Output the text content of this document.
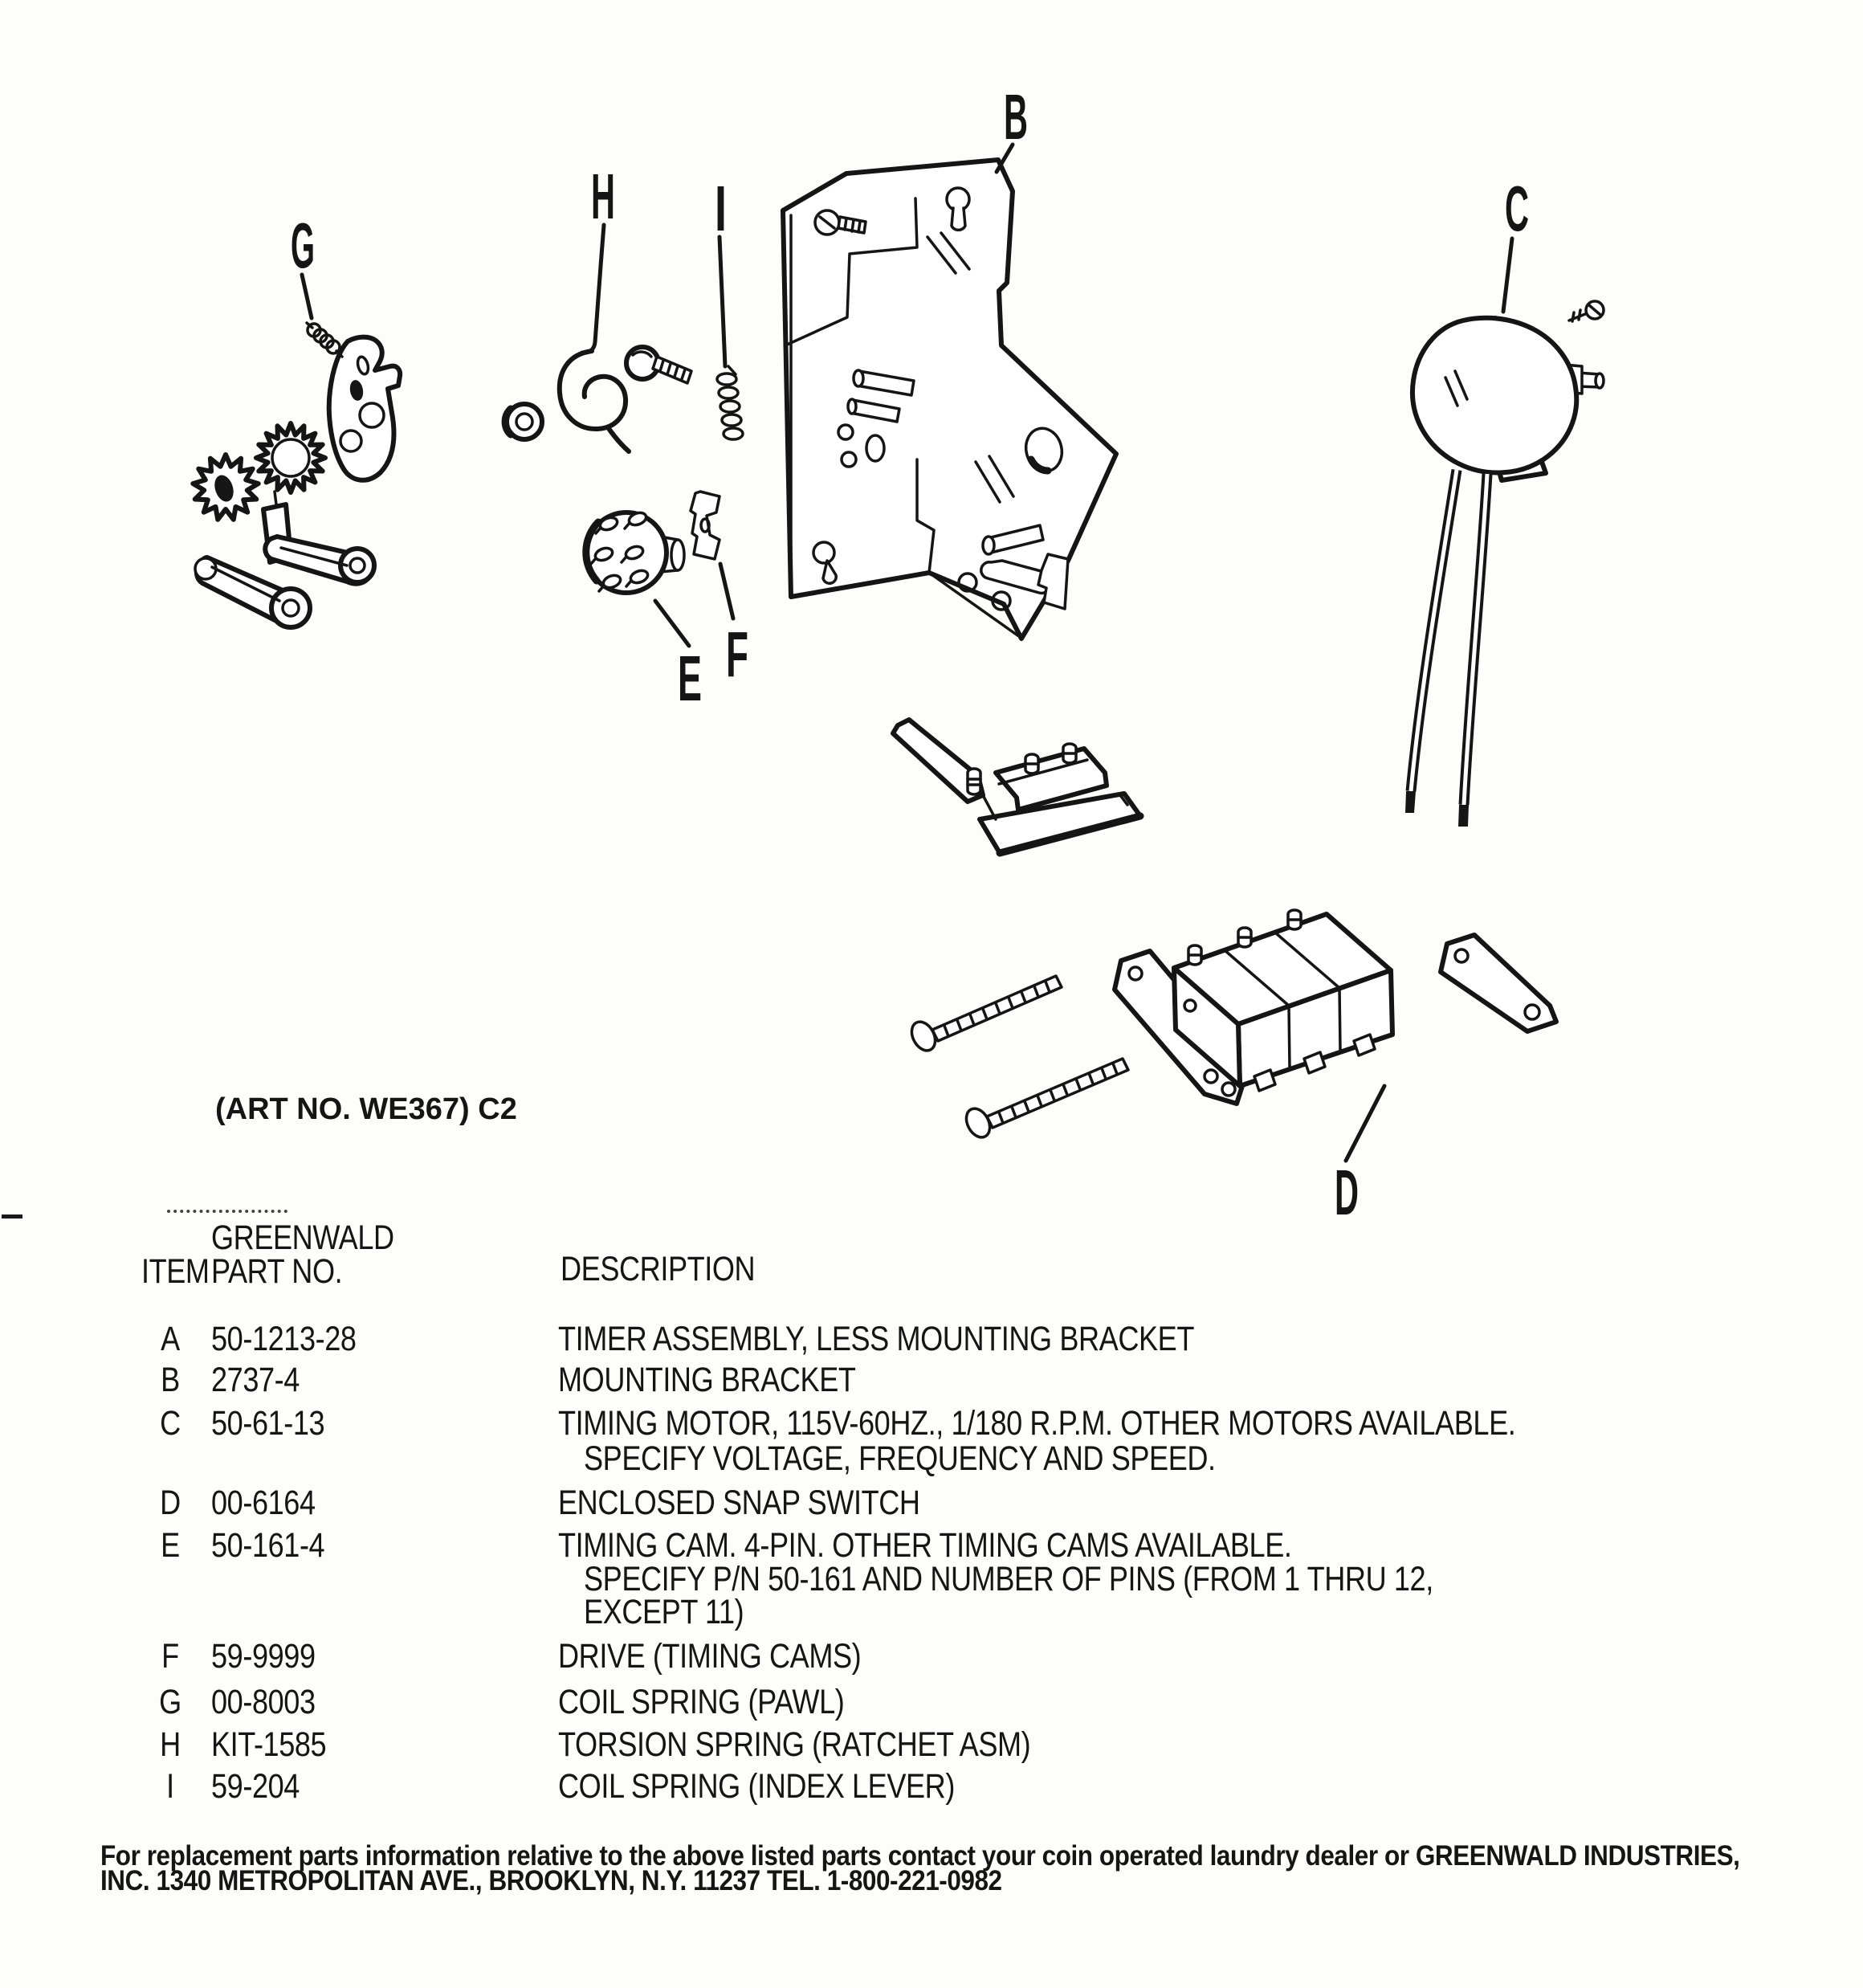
G
H I
B
C
E F
D
(ART NO. WE367) C2
GREENWALD
ITEM PART NO.	DESCRIPTION
A 50-1213-28	TIMER ASSEMBLY, LESS MOUNTING BRACKET
B 2737-4	MOUNTING BRACKET
C 50-61-13	TIMING MOTOR, 115V-60HZ., 1/180 R.P.M. OTHER MOTORS AVAILABLE.
SPECIFY VOLTAGE, FREQUENCY AND SPEED.
D 00-6164	ENCLOSED SNAP SWITCH
E 50-161-4	TIMING CAM. 4-PIN. OTHER TIMING CAMS AVAILABLE.
SPECIFY P/N 50-161 AND NUMBER OF PINS (FROM 1 THRU 12,
EXCEPT 11)
F 59-9999	DRIVE (TIMING CAMS)
G 00-8003	COIL SPRING (PAWL)
H KIT-1585	TORSION SPRING (RATCHET ASM)
I	59-204	COIL SPRING (INDEX LEVER)
For replacement parts information relative to the above listed parts contact your coin operated laundry dealer or GREENWALD INDUSTRIES,
INC. 1340 METROPOLITAN AVE., BROOKLYN, N.Y. 11237 TEL. 1-800-221-0982
